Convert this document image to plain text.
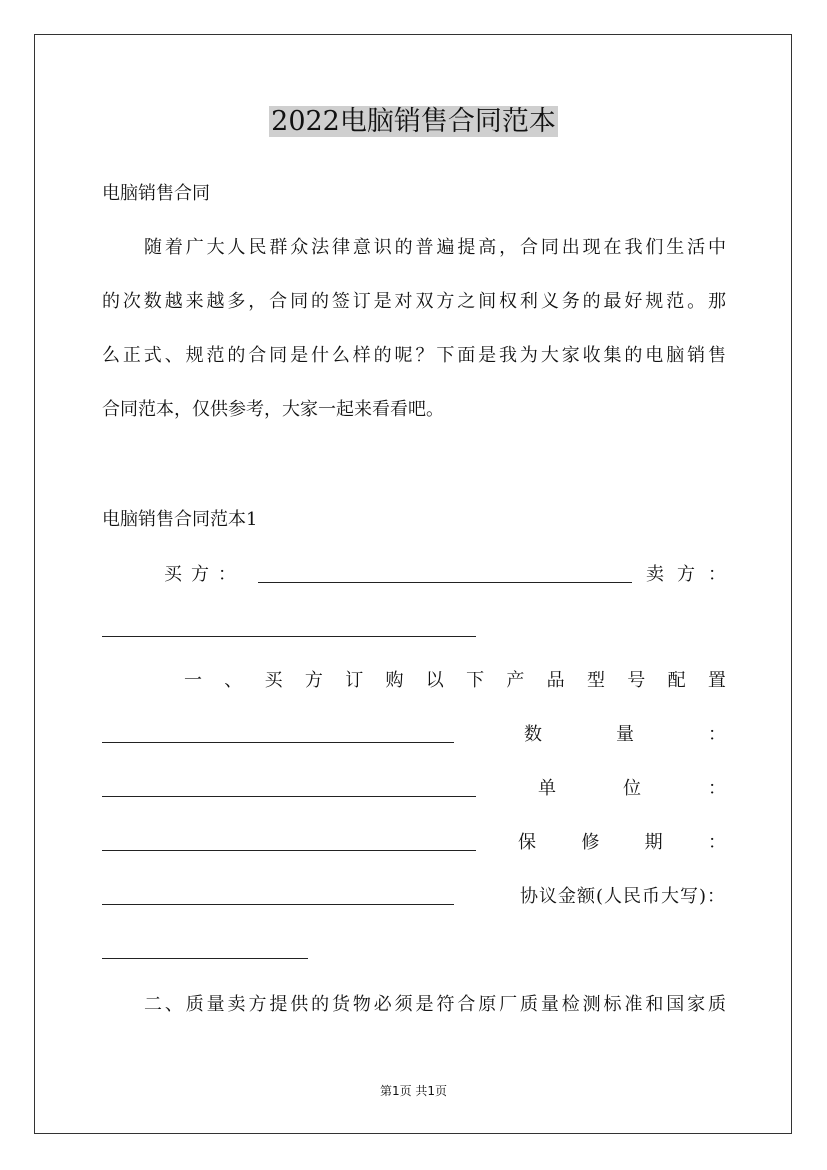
2022电脑销售合同范本
电脑销售合同
随着广大人民群众法律意识的普遍提高，合同出现在我们生活中
的次数越来越多，合同的签订是对双方之间权利义务的最好规范。那
么正式、规范的合同是什么样的呢？下面是我为大家收集的电脑销售
合同范本，仅供参考，大家一起来看看吧。
电脑销售合同范本1
买 方 ：	卖 方 ：
一 、 买 方 订 购 以 下 产 品 型 号 配 置
数	量	：
单	位	：
保	修	期	：
协议金额(人民币大写)：
二、质量卖方提供的货物必须是符合原厂质量检测标准和国家质
第1页 共1页
